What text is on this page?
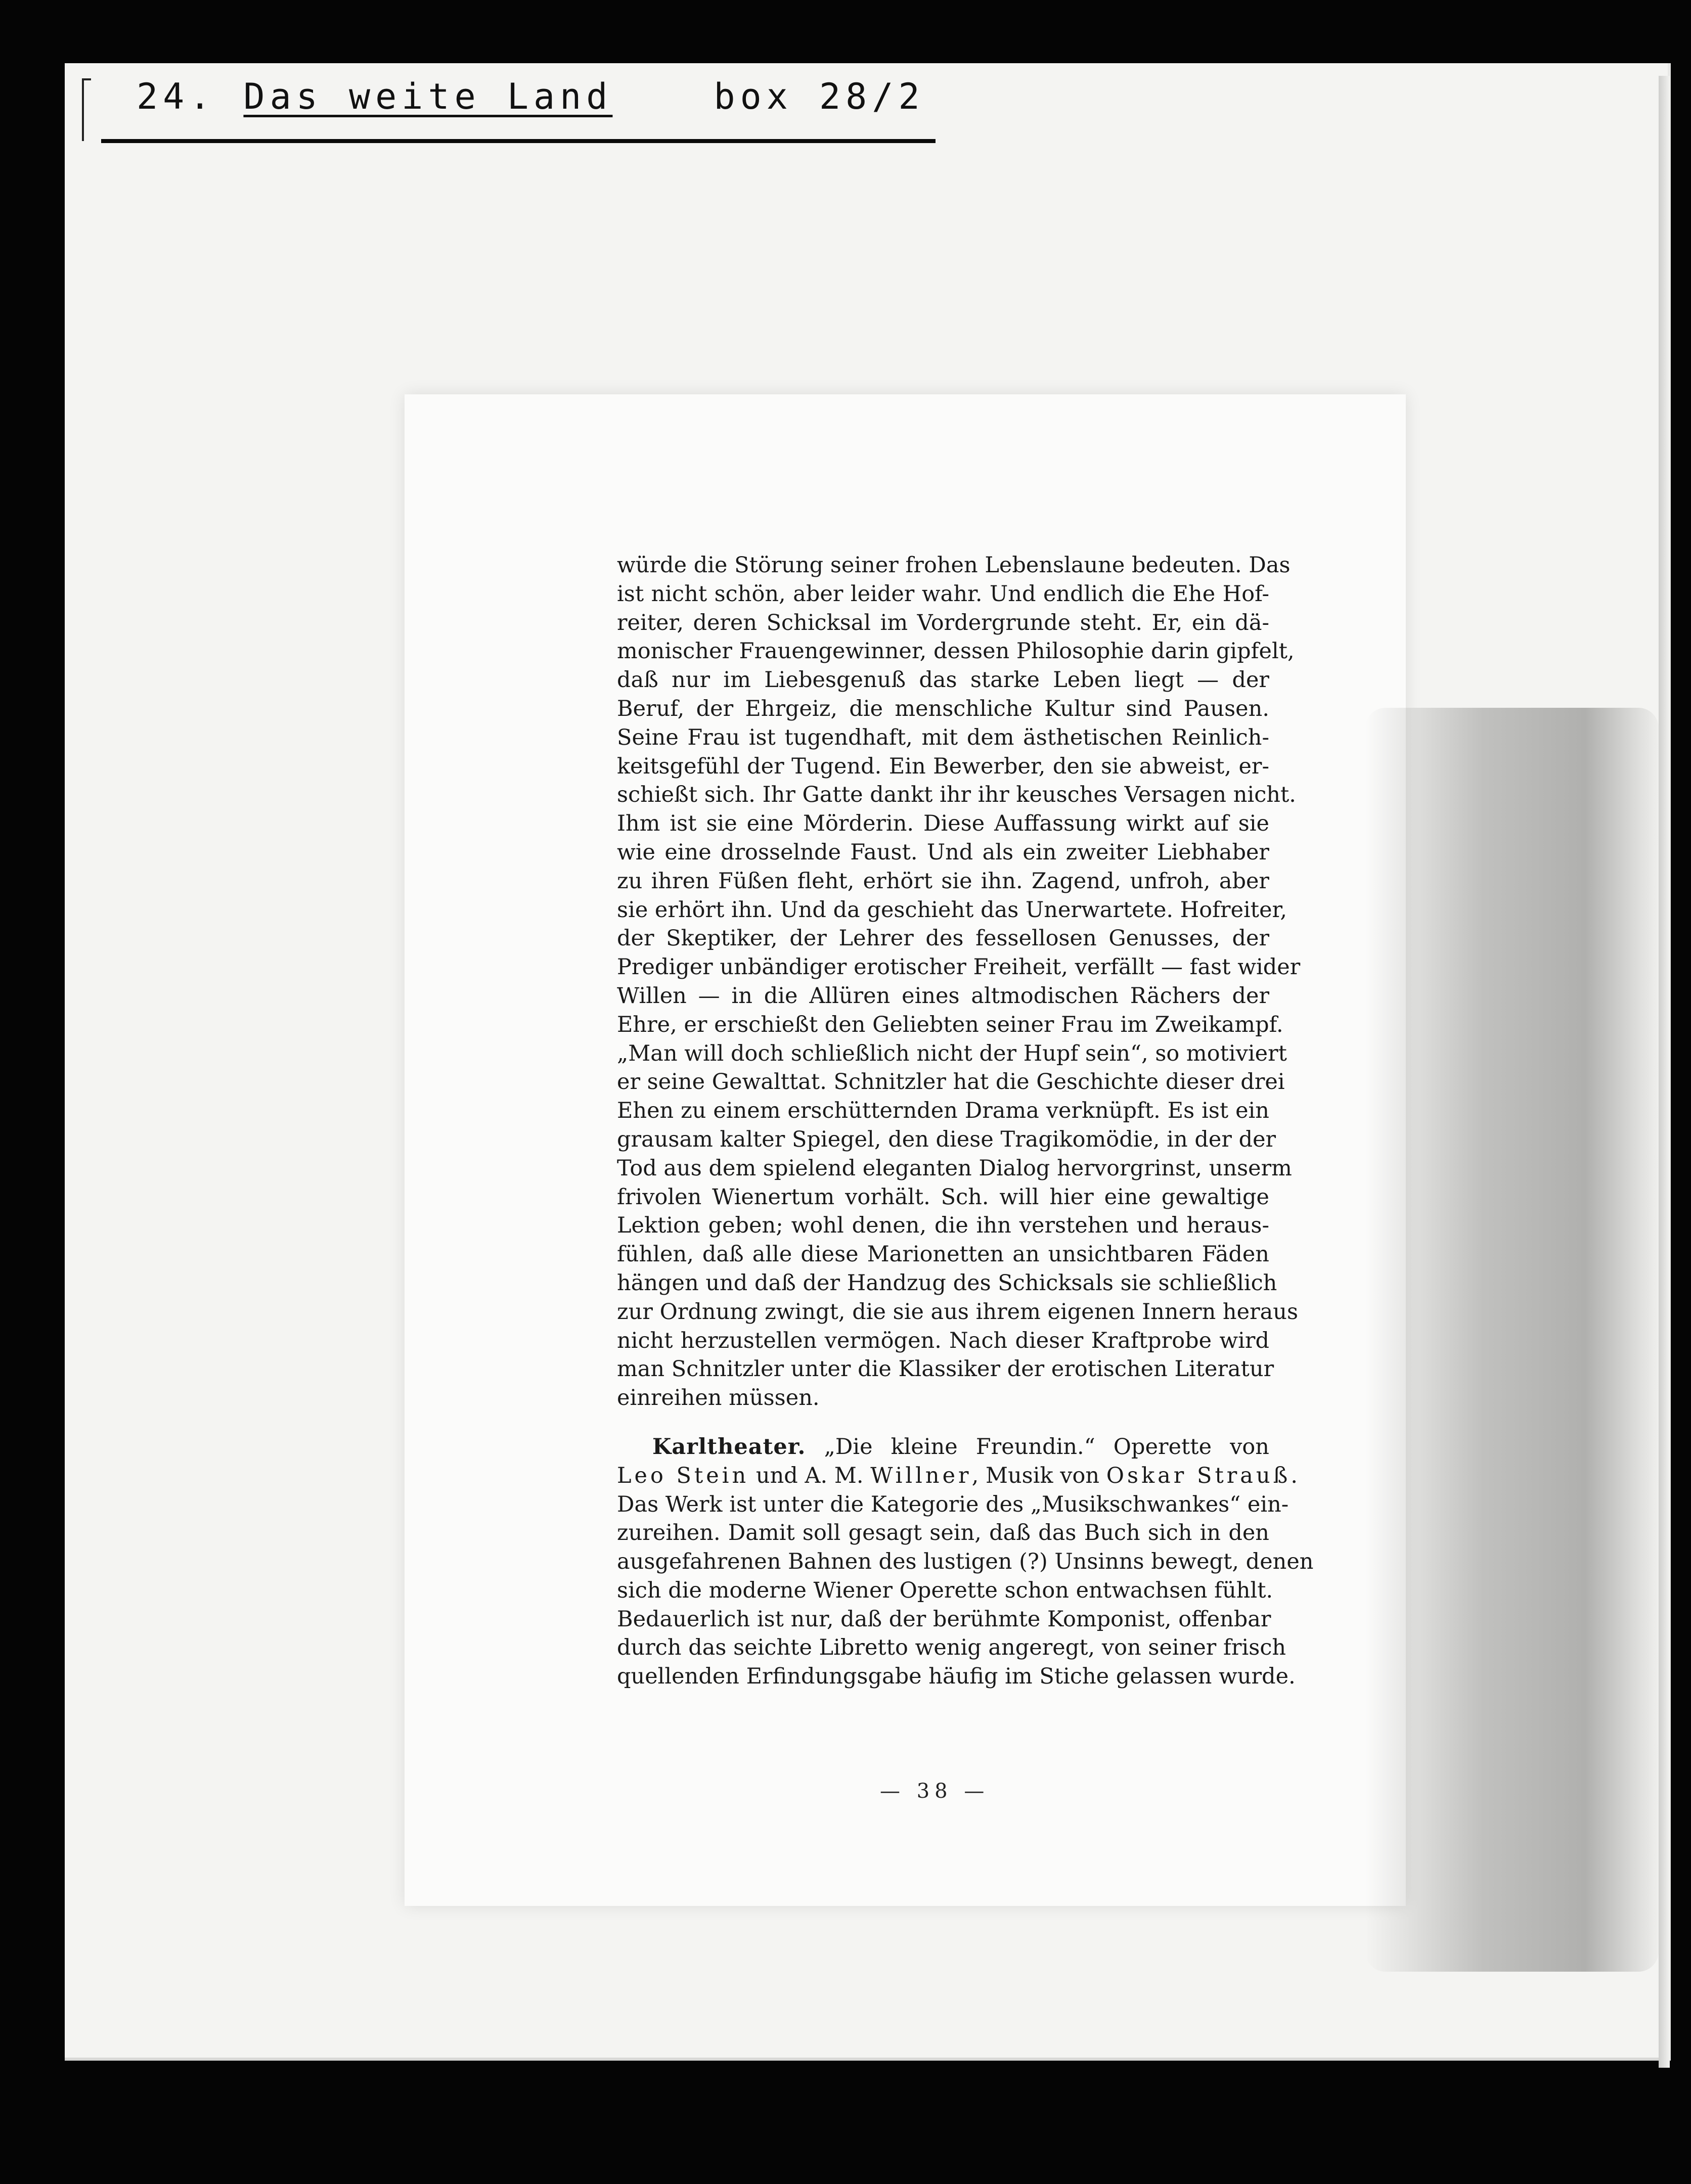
24. Das weite Land	box 28/2
würde die Störung seiner frohen Lebenslaune bedeuten. Das
ist nicht schön, aber leider wahr. Und endlich die Ehe Hof-
reiter, deren Schicksal im Vordergrunde steht. Er, ein dä-
monischer Frauengewinner, dessen Philosophie darin gipfelt,
daß nur im Liebesgenuß das starke Leben liegt — der
Beruf, der Ehrgeiz, die menschliche Kultur sind Pausen.
Seine Frau ist tugendhaft, mit dem ästhetischen Reinlich-
keitsgefühl der Tugend. Ein Bewerber, den sie abweist, er-
schießt sich. Ihr Gatte dankt ihr ihr keusches Versagen nicht.
Ihm ist sie eine Mörderin. Diese Auffassung wirkt auf sie
wie eine drosselnde Faust. Und als ein zweiter Liebhaber
zu ihren Füßen fleht, erhört sie ihn. Zagend, unfroh, aber
sie erhört ihn. Und da geschieht das Unerwartete. Hofreiter,
der Skeptiker, der Lehrer des fessellosen Genusses, der
Prediger unbändiger erotischer Freiheit, verfällt — fast wider
Willen — in die Allüren eines altmodischen Rächers der
Ehre, er erschießt den Geliebten seiner Frau im Zweikampf.
„Man will doch schließlich nicht der Hupf sein“, so motiviert
er seine Gewalttat. Schnitzler hat die Geschichte dieser drei
Ehen zu einem erschütternden Drama verknüpft. Es ist ein
grausam kalter Spiegel, den diese Tragikomödie, in der der
Tod aus dem spielend eleganten Dialog hervorgrinst, unserm
frivolen Wienertum vorhält. Sch. will hier eine gewaltige
Lektion geben; wohl denen, die ihn verstehen und heraus-
fühlen, daß alle diese Marionetten an unsichtbaren Fäden
hängen und daß der Handzug des Schicksals sie schließlich
zur Ordnung zwingt, die sie aus ihrem eigenen Innern heraus
nicht herzustellen vermögen. Nach dieser Kraftprobe wird
man Schnitzler unter die Klassiker der erotischen Literatur
einreihen müssen.
Karltheater. „Die kleine Freundin.“ Operette von
Leo Stein und A. M. Willner, Musik von Oskar Strauß.
Das Werk ist unter die Kategorie des „Musikschwankes“ ein-
zureihen. Damit soll gesagt sein, daß das Buch sich in den
ausgefahrenen Bahnen des lustigen (?) Unsinns bewegt, denen
sich die moderne Wiener Operette schon entwachsen fühlt.
Bedauerlich ist nur, daß der berühmte Komponist, offenbar
durch das seichte Libretto wenig angeregt, von seiner frisch
quellenden Erfindungsgabe häufig im Stiche gelassen wurde.
— 38 —
